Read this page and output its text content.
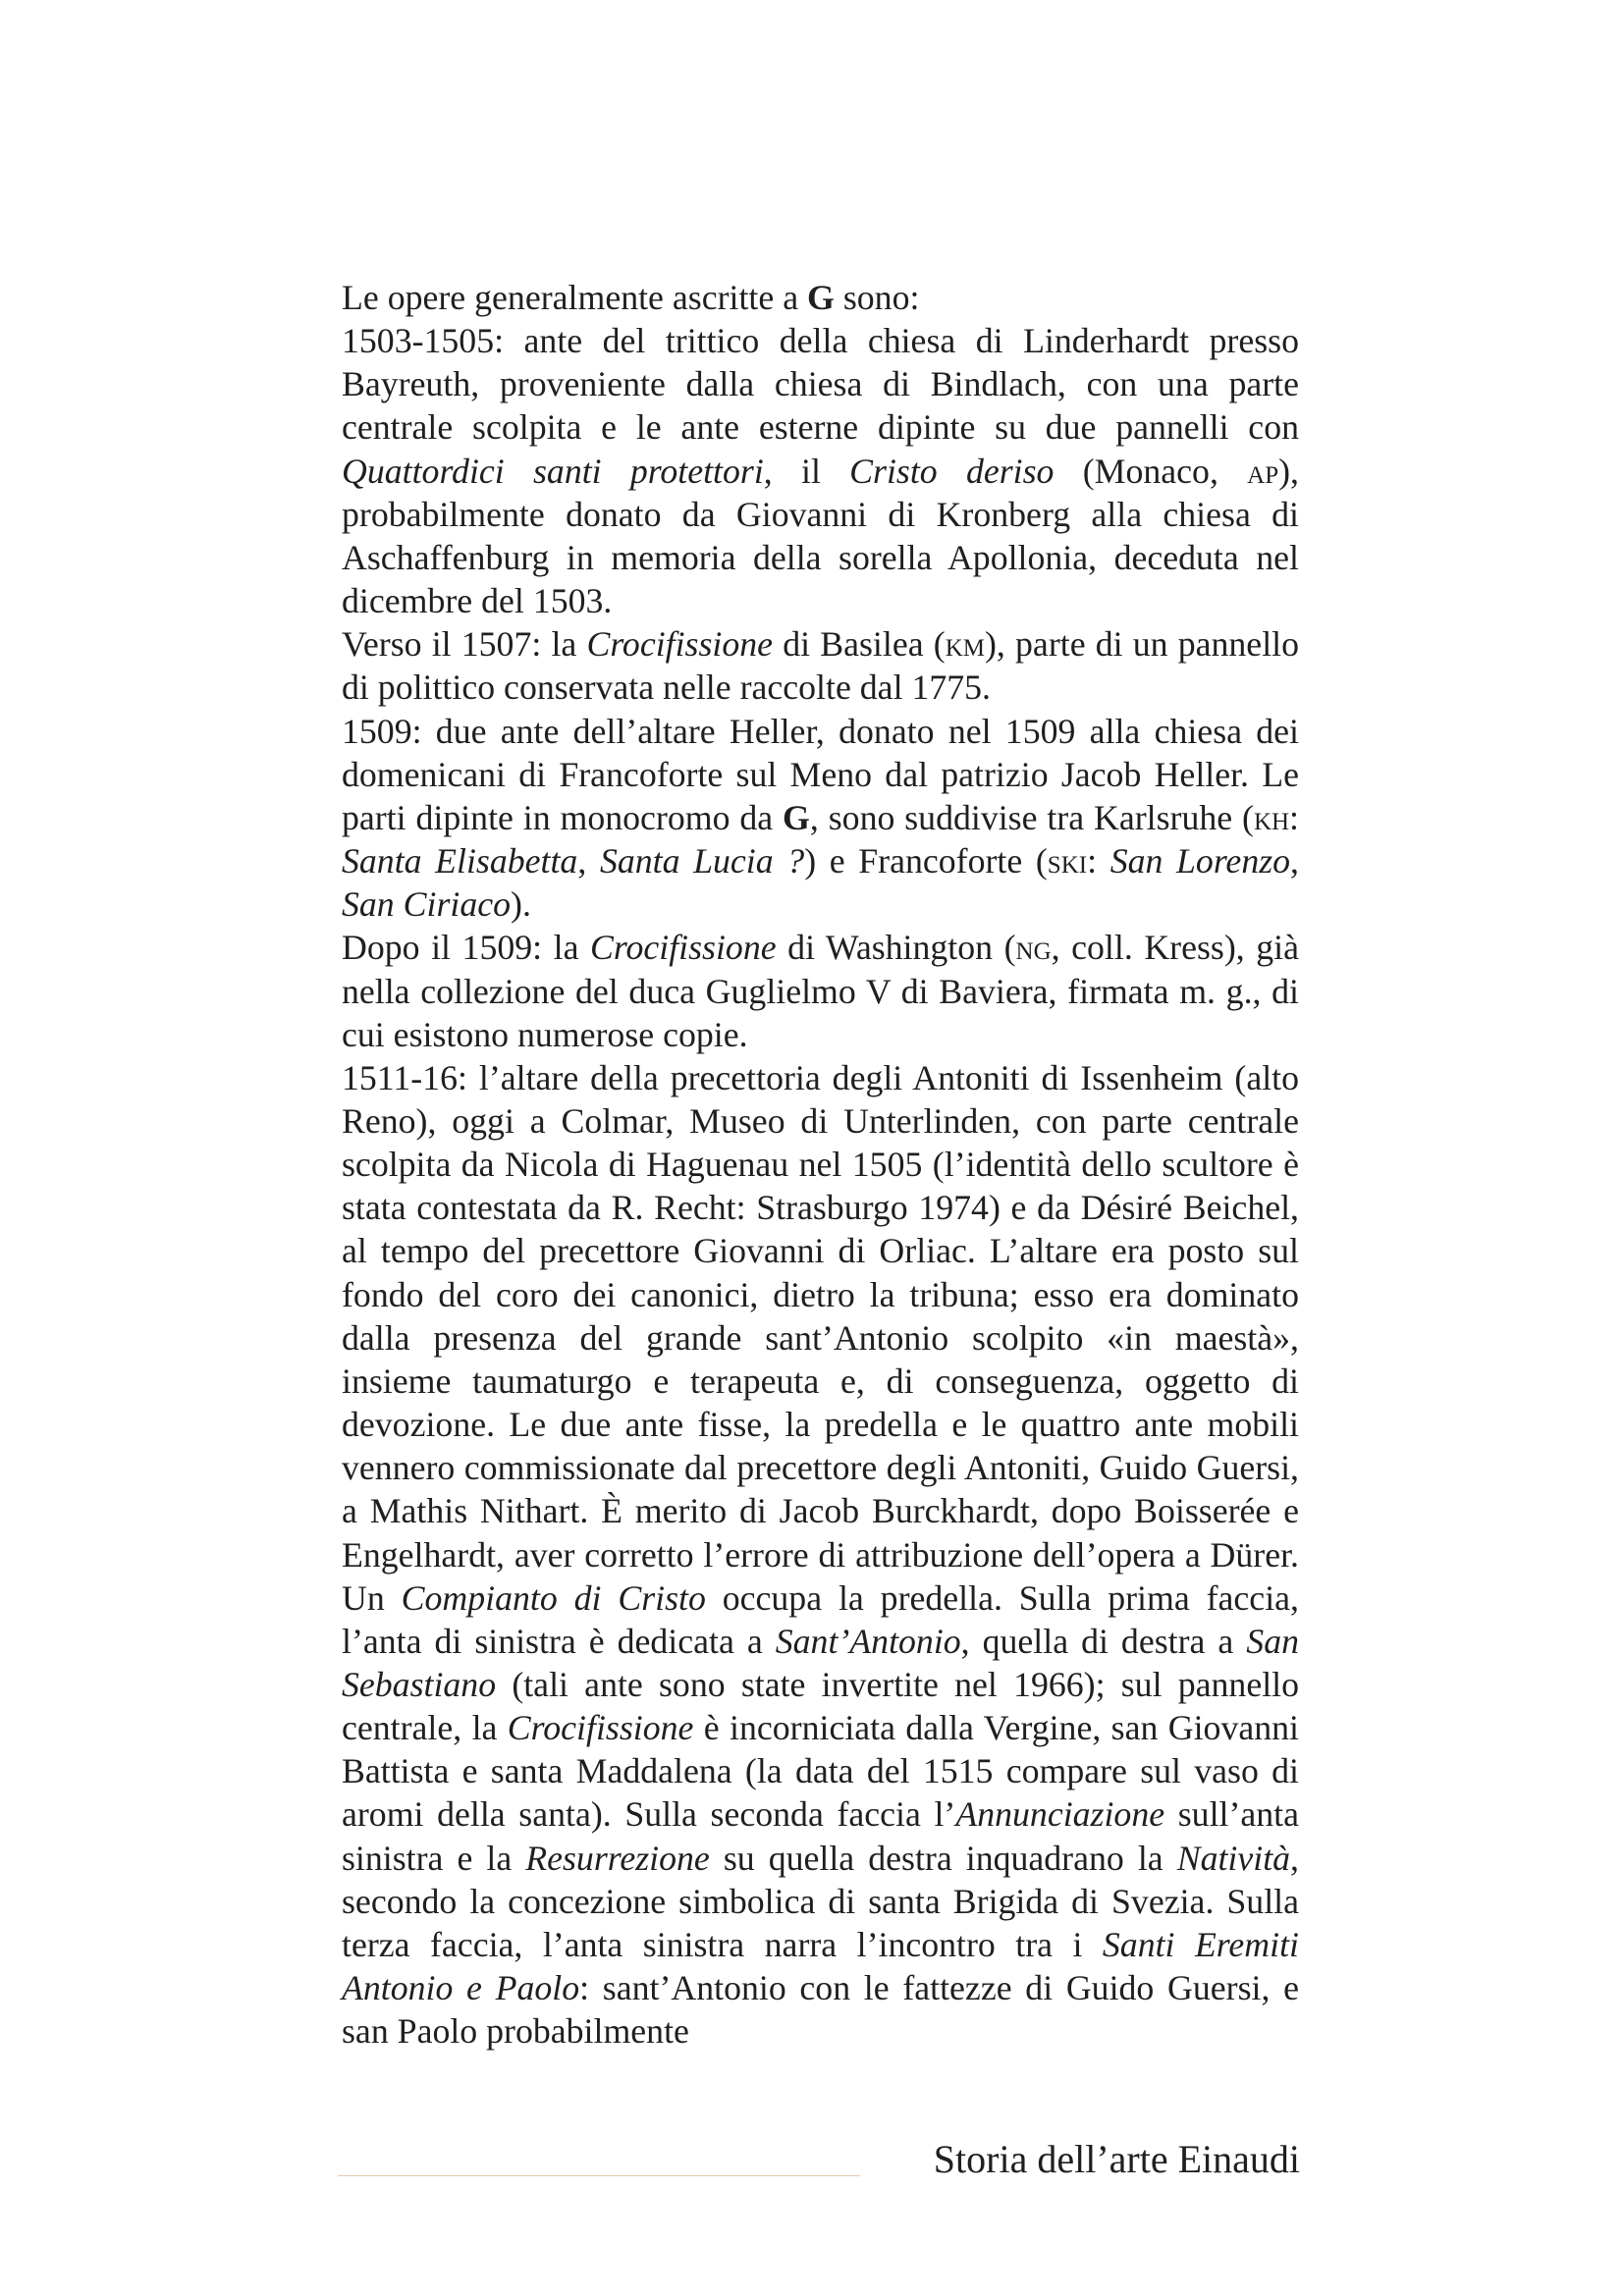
Le opere generalmente ascritte a G sono:

1503-1505: ante del trittico della chiesa di Linderhardt presso Bayreuth, proveniente dalla chiesa di Bindlach, con una parte centrale scolpita e le ante esterne dipinte su due pannelli con Quattordici santi protettori, il Cristo deriso (Monaco, ap), probabilmente donato da Giovanni di Kronberg alla chiesa di Aschaffenburg in memoria della sorella Apollonia, deceduta nel dicembre del 1503.

Verso il 1507: la Crocifissione di Basilea (km), parte di un pannello di polittico conservata nelle raccolte dal 1775.

1509: due ante dell’altare Heller, donato nel 1509 alla chiesa dei domenicani di Francoforte sul Meno dal patrizio Jacob Heller. Le parti dipinte in monocromo da G, sono suddivise tra Karlsruhe (kh: Santa Elisabetta, Santa Lucia ?) e Francoforte (ski: San Lorenzo, San Ciriaco).

Dopo il 1509: la Crocifissione di Washington (ng, coll. Kress), già nella collezione del duca Guglielmo V di Baviera, firmata m. g., di cui esistono numerose copie.

1511-16: l’altare della precettoria degli Antoniti di Issenheim (alto Reno), oggi a Colmar, Museo di Unterlinden, con parte centrale scolpita da Nicola di Haguenau nel 1505 (l’identità dello scultore è stata contestata da R. Recht: Strasburgo 1974) e da Désiré Beichel, al tempo del precettore Giovanni di Orliac. L’altare era posto sul fondo del coro dei canonici, dietro la tribuna; esso era dominato dalla presenza del grande sant’Antonio scolpito «in maestà», insieme taumaturgo e terapeuta e, di conseguenza, oggetto di devozione. Le due ante fisse, la predella e le quattro ante mobili vennero commissionate dal precettore degli Antoniti, Guido Guersi, a Mathis Nithart. È merito di Jacob Burckhardt, dopo Boisserée e Engelhardt, aver corretto l’errore di attribuzione dell’opera a Dürer. Un Compianto di Cristo occupa la predella. Sulla prima faccia, l’anta di sinistra è dedicata a Sant’Antonio, quella di destra a San Sebastiano (tali ante sono state invertite nel 1966); sul pannello centrale, la Crocifissione è incorniciata dalla Vergine, san Giovanni Battista e santa Maddalena (la data del 1515 compare sul vaso di aromi della santa). Sulla seconda faccia l’Annunciazione sull’anta sinistra e la Resurrezione su quella destra inquadrano la Natività, secondo la concezione simbolica di santa Brigida di Svezia. Sulla terza faccia, l’anta sinistra narra l’incontro tra i Santi Eremiti Antonio e Paolo: sant’Antonio con le fattezze di Guido Guersi, e san Paolo probabilmente

Storia dell’arte Einaudi
